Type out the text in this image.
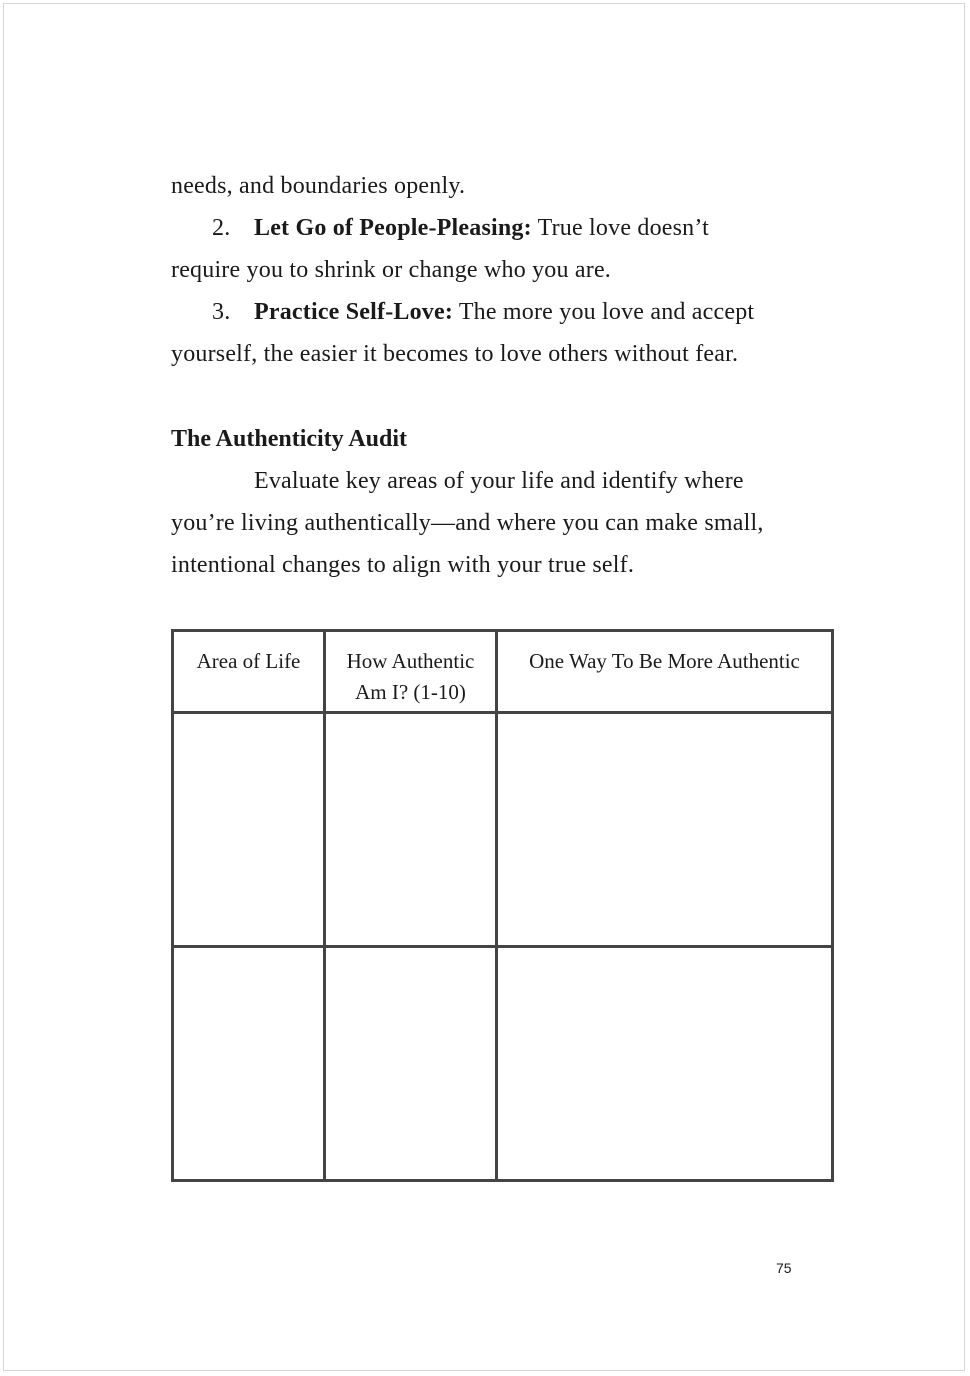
needs, and boundaries openly.
2. Let Go of People-Pleasing: True love doesn’t
require you to shrink or change who you are.
3. Practice Self-Love: The more you love and accept
yourself, the easier it becomes to love others without fear.
The Authenticity Audit
Evaluate key areas of your life and identify where
you’re living authentically—and where you can make small,
intentional changes to align with your true self.
Area of Life	How Authentic Am I? (1-10)	One Way To Be More Authentic

75
